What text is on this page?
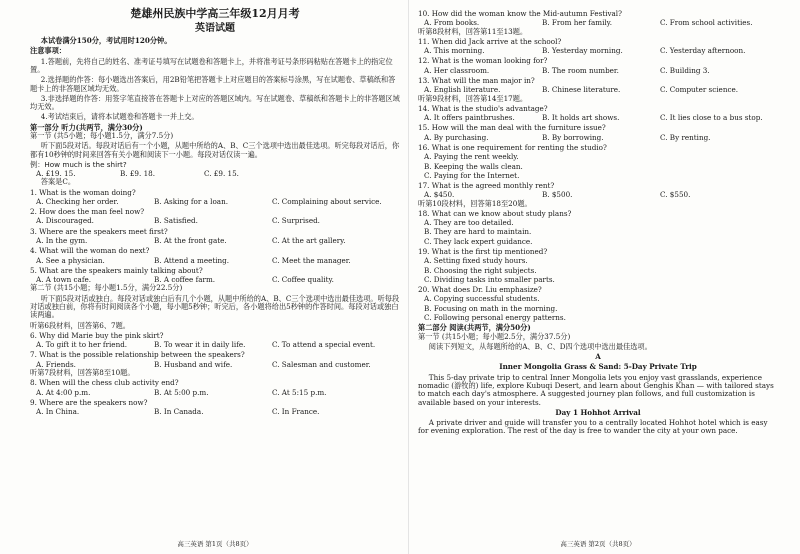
楚雄州民族中学高三年级12月月考
英语试题
本试卷满分150分，考试用时120分钟。
注意事项：
1.答题前，先将自己的姓名、准考证号填写在试题卷和答题卡上，并将准考证号条形码粘贴在答题卡上的指定位置。
2.选择题的作答：每小题选出答案后，用2B铅笔把答题卡上对应题目的答案标号涂黑，写在试题卷、草稿纸和答题卡上的非答题区域均无效。
3.非选择题的作答：用签字笔直接答在答题卡上对应的答题区域内。写在试题卷、草稿纸和答题卡上的非答题区域均无效。
4.考试结束后，请将本试题卷和答题卡一并上交。
第一部分 听力(共两节，满分30分)
第一节 (共5小题；每小题1.5分，满分7.5分)
听下面5段对话。每段对话后有一个小题，从题中所给的A、B、C三个选项中选出最佳选项。听完每段对话后，你都有10秒钟的时间来回答有关小题和阅读下一小题。每段对话仅读一遍。
例：How much is the shirt?
A. £19. 15.	B. £9. 18.	C. £9. 15.
答案是C。
1. What is the woman doing?
A. Checking her order.	B. Asking for a loan.	C. Complaining about service.
2. How does the man feel now?
A. Discouraged.	B. Satisfied.	C. Surprised.
3. Where are the speakers meet first?
A. In the gym.	B. At the front gate.	C. At the art gallery.
4. What will the woman do next?
A. See a physician.	B. Attend a meeting.	C. Meet the manager.
5. What are the speakers mainly talking about?
A. A town cafe.	B. A coffee farm.	C. Coffee quality.
第二节 (共15小题；每小题1.5分，满分22.5分)
听下面5段对话或独白。每段对话或独白后有几个小题，从题中所给的A、B、C三个选项中选出最佳选项。听每段对话或独白前，你将有时间阅读各个小题，每小题5秒钟；听完后，各小题将给出5秒钟的作答时间。每段对话或独白读两遍。
听第6段材料，回答第6、7题。
6. Why did Marie buy the pink skirt?
A. To gift it to her friend.	B. To wear it in daily life.	C. To attend a special event.
7. What is the possible relationship between the speakers?
A. Friends.	B. Husband and wife.	C. Salesman and customer.
听第7段材料，回答第8至10题。
8. When will the chess club activity end?
A. At 4:00 p.m.	B. At 5:00 p.m.	C. At 5:15 p.m.
9. Where are the speakers now?
A. In China.	B. In Canada.	C. In France.
高三英语 第1页（共8页）
10. How did the woman know the Mid-autumn Festival?
A. From books.	B. From her family.	C. From school activities.
听第8段材料，回答第11至13题。
11. When did Jack arrive at the school?
A. This morning.	B. Yesterday morning.	C. Yesterday afternoon.
12. What is the woman looking for?
A. Her classroom.	B. The room number.	C. Building 3.
13. What will the man major in?
A. English literature.	B. Chinese literature.	C. Computer science.
听第9段材料，回答第14至17题。
14. What is the studio's advantage?
A. It offers paintbrushes.	B. It holds art shows.	C. It lies close to a bus stop.
15. How will the man deal with the furniture issue?
A. By purchasing.	B. By borrowing.	C. By renting.
16. What is one requirement for renting the studio?
A. Paying the rent weekly.
B. Keeping the walls clean.
C. Paying for the Internet.
17. What is the agreed monthly rent?
A. $450.	B. $500.	C. $550.
听第10段材料，回答第18至20题。
18. What can we know about study plans?
A. They are too detailed.
B. They are hard to maintain.
C. They lack expert guidance.
19. What is the first tip mentioned?
A. Setting fixed study hours.
B. Choosing the right subjects.
C. Dividing tasks into smaller parts.
20. What does Dr. Liu emphasize?
A. Copying successful students.
B. Focusing on math in the morning.
C. Following personal energy patterns.
第二部分 阅读(共两节，满分50分)
第一节 (共15小题；每小题2.5分，满分37.5分)
阅读下列短文，从每题所给的A、B、C、D四个选项中选出最佳选项。
A
Inner Mongolia Grass & Sand: 5-Day Private Trip
This 5-day private trip to central Inner Mongolia lets you enjoy vast grasslands, experience nomadic (游牧的) life, explore Kubuqi Desert, and learn about Genghis Khan — with tailored stays to match each day's atmosphere. A suggested journey plan follows, and full customization is available based on your interests.
Day 1 Hohhot Arrival
A private driver and guide will transfer you to a centrally located Hohhot hotel which is easy for evening exploration. The rest of the day is free to wander the city at your own pace.
高三英语 第2页（共8页）
